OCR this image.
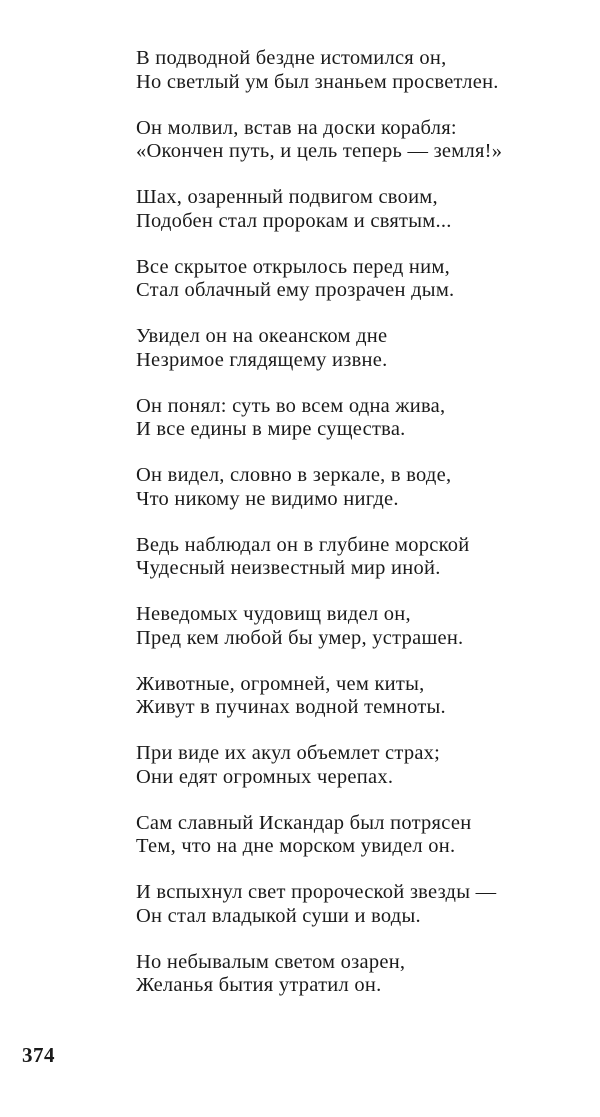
В подводной бездне истомился он,
Но светлый ум был знаньем просветлен.
Он молвил, встав на доски корабля:
«Окончен путь, и цель теперь — земля!»
Шах, озаренный подвигом своим,
Подобен стал пророкам и святым...
Все скрытое открылось перед ним,
Стал облачный ему прозрачен дым.
Увидел он на океанском дне
Незримое глядящему извне.
Он понял: суть во всем одна жива,
И все едины в мире существа.
Он видел, словно в зеркале, в воде,
Что никому не видимо нигде.
Ведь наблюдал он в глубине морской
Чудесный неизвестный мир иной.
Неведомых чудовищ видел он,
Пред кем любой бы умер, устрашен.
Животные, огромней, чем киты,
Живут в пучинах водной темноты.
При виде их акул объемлет страх;
Они едят огромных черепах.
Сам славный Искандар был потрясен
Тем, что на дне морском увидел он.
И вспыхнул свет пророческой звезды —
Он стал владыкой суши и воды.
Но небывалым светом озарен,
Желанья бытия утратил он.
374
